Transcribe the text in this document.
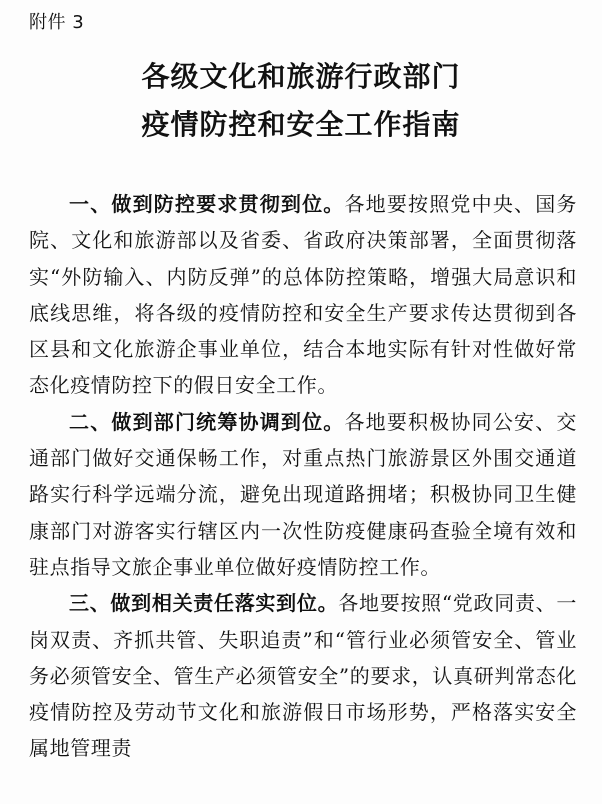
附件 3
各级文化和旅游行政部门
疫情防控和安全工作指南

一、做到防控要求贯彻到位。各地要按照党中央、国务院、文化和旅游部以及省委、省政府决策部署，全面贯彻落实“外防输入、内防反弹”的总体防控策略，增强大局意识和底线思维，将各级的疫情防控和安全生产要求传达贯彻到各区县和文化旅游企事业单位，结合本地实际有针对性做好常态化疫情防控下的假日安全工作。

二、做到部门统筹协调到位。各地要积极协同公安、交通部门做好交通保畅工作，对重点热门旅游景区外围交通道路实行科学远端分流，避免出现道路拥堵；积极协同卫生健康部门对游客实行辖区内一次性防疫健康码查验全境有效和驻点指导文旅企事业单位做好疫情防控工作。

三、做到相关责任落实到位。各地要按照“党政同责、一岗双责、齐抓共管、失职追责”和“管行业必须管安全、管业务必须管安全、管生产必须管安全”的要求，认真研判常态化疫情防控及劳动节文化和旅游假日市场形势，严格落实安全属地管理责
